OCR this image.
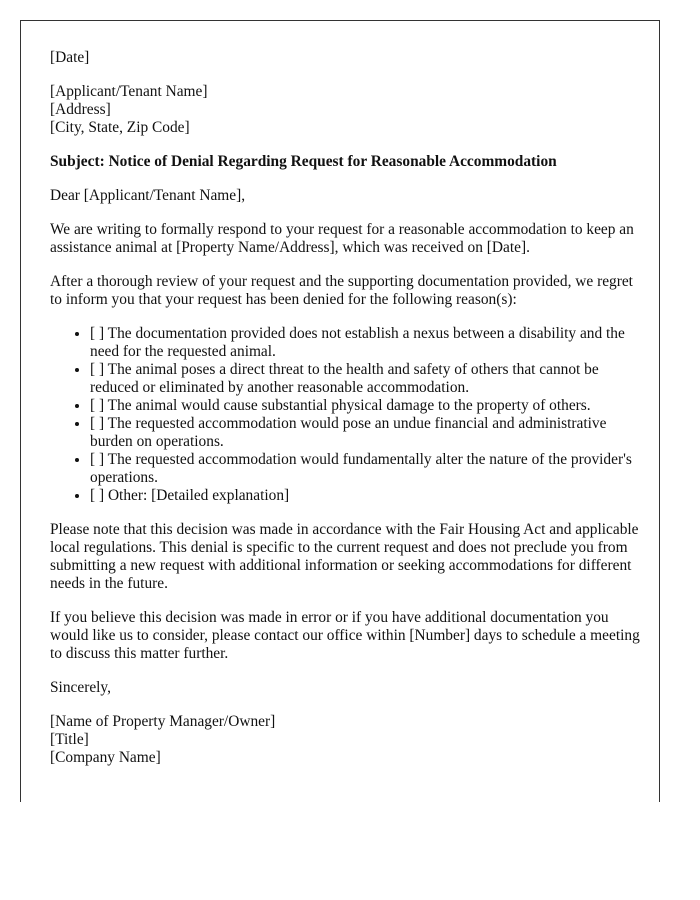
[Date]

[Applicant/Tenant Name]
[Address]
[City, State, Zip Code]

Subject: Notice of Denial Regarding Request for Reasonable Accommodation

Dear [Applicant/Tenant Name],

We are writing to formally respond to your request for a reasonable accommodation to keep an assistance animal at [Property Name/Address], which was received on [Date].

After a thorough review of your request and the supporting documentation provided, we regret to inform you that your request has been denied for the following reason(s):

• [ ] The documentation provided does not establish a nexus between a disability and the need for the requested animal.
• [ ] The animal poses a direct threat to the health and safety of others that cannot be reduced or eliminated by another reasonable accommodation.
• [ ] The animal would cause substantial physical damage to the property of others.
• [ ] The requested accommodation would pose an undue financial and administrative burden on operations.
• [ ] The requested accommodation would fundamentally alter the nature of the provider's operations.
• [ ] Other: [Detailed explanation]

Please note that this decision was made in accordance with the Fair Housing Act and applicable local regulations. This denial is specific to the current request and does not preclude you from submitting a new request with additional information or seeking accommodations for different needs in the future.

If you believe this decision was made in error or if you have additional documentation you would like us to consider, please contact our office within [Number] days to schedule a meeting to discuss this matter further.

Sincerely,

[Name of Property Manager/Owner]
[Title]
[Company Name]
